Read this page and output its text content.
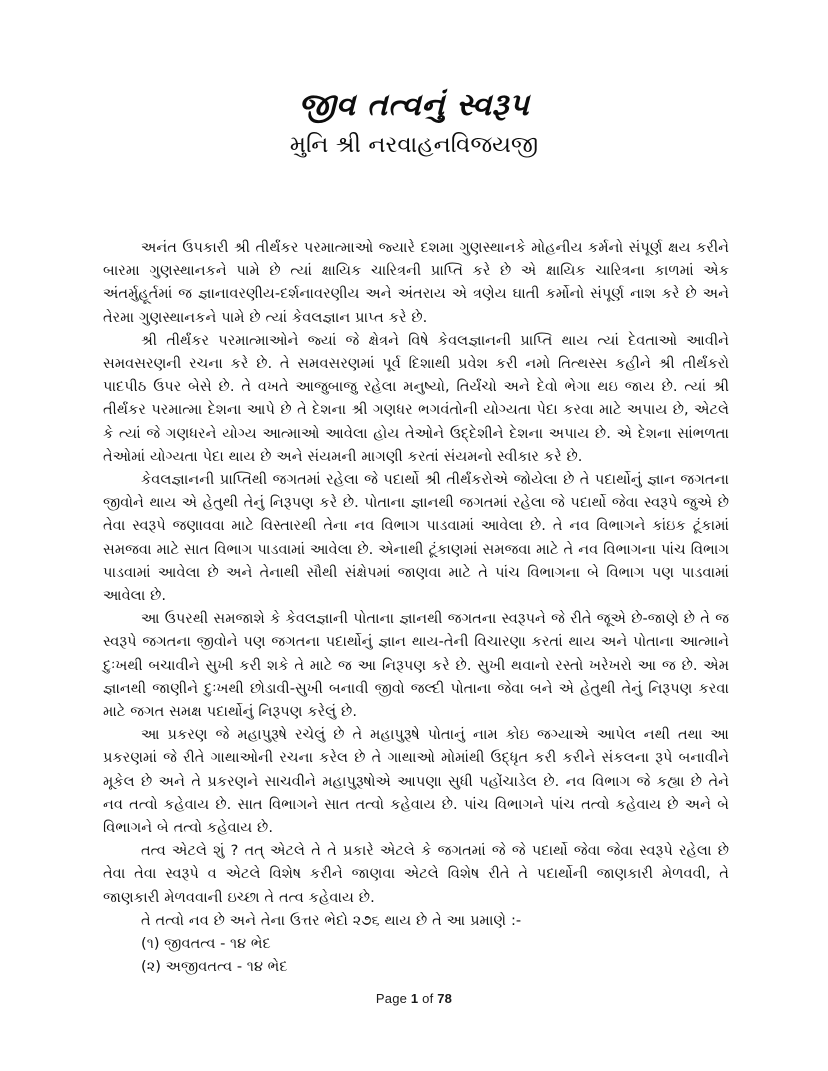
જીવ તત્વનું સ્વરૂપ
મુનિ શ્રી નરવાહનવિજયજી

અનંત ઉપકારી શ્રી તીર્થંકર પરમાત્માઓ જ્યારે દશમા ગુણસ્થાનકે મોહનીય કર્મનો સંપૂર્ણ ક્ષય કરીને બારમા ગુણસ્થાનકને પામે છે ત્યાં ક્ષાયિક ચારિત્રની પ્રાપ્તિ કરે છે એ ક્ષાયિક ચારિત્રના કાળમાં એક અંતર્મુહૂર્તમાં જ જ્ઞાનાવરણીય-દર્શનાવરણીય અને અંતરાય એ ત્રણેય ઘાતી કર્મોનો સંપૂર્ણ નાશ કરે છે અને તેરમા ગુણસ્થાનકને પામે છે ત્યાં કેવલજ્ઞાન પ્રાપ્ત કરે છે.

શ્રી તીર્થંકર પરમાત્માઓને જ્યાં જે ક્ષેત્રને વિષે કેવલજ્ઞાનની પ્રાપ્તિ થાય ત્યાં દેવતાઓ આવીને સમવસરણની રચના કરે છે. તે સમવસરણમાં પૂર્વ દિશાથી પ્રવેશ કરી નમો તિત્થસ્સ કહીને શ્રી તીર્થંકરો પાદપીઠ ઉપર બેસે છે. તે વખતે આજુબાજુ રહેલા મનુષ્યો, તિર્યંચો અને દેવો ભેગા થઇ જાય છે. ત્યાં શ્રી તીર્થંકર પરમાત્મા દેશના આપે છે તે દેશના શ્રી ગણધર ભગવંતોની યોગ્યતા પેદા કરવા માટે અપાય છે, એટલે કે ત્યાં જે ગણધરને યોગ્ય આત્માઓ આવેલા હોય તેઓને ઉદ્દેશીને દેશના અપાય છે. એ દેશના સાંભળતા તેઓમાં યોગ્યતા પેદા થાય છે અને સંયમની માગણી કરતાં સંયમનો સ્વીકાર કરે છે.

કેવલજ્ઞાનની પ્રાપ્તિથી જગતમાં રહેલા જે પદાર્થો શ્રી તીર્થંકરોએ જોયેલા છે તે પદાર્થોનું જ્ઞાન જગતના જીવોને થાય એ હેતુથી તેનું નિરૂપણ કરે છે. પોતાના જ્ઞાનથી જગતમાં રહેલા જે પદાર્થો જેવા સ્વરૂપે જુએ છે તેવા સ્વરૂપે જણાવવા માટે વિસ્તારથી તેના નવ વિભાગ પાડવામાં આવેલા છે. તે નવ વિભાગને કાંઇક ટૂંકામાં સમજવા માટે સાત વિભાગ પાડવામાં આવેલા છે. એનાથી ટૂંકાણમાં સમજવા માટે તે નવ વિભાગના પાંચ વિભાગ પાડવામાં આવેલા છે અને તેનાથી સૌથી સંક્ષેપમાં જાણવા માટે તે પાંચ વિભાગના બે વિભાગ પણ પાડવામાં આવેલા છે.

આ ઉપરથી સમજાશે કે કેવલજ્ઞાની પોતાના જ્ઞાનથી જગતના સ્વરૂપને જે રીતે જૂએ છે-જાણે છે તે જ સ્વરૂપે જગતના જીવોને પણ જગતના પદાર્થોનું જ્ઞાન થાય-તેની વિચારણા કરતાં થાય અને પોતાના આત્માને દુઃખથી બચાવીને સુખી કરી શકે તે માટે જ આ નિરૂપણ કરે છે. સુખી થવાનો રસ્તો ખરેખરો આ જ છે. એમ જ્ઞાનથી જાણીને દુઃખથી છોડાવી-સુખી બનાવી જીવો જલ્દી પોતાના જેવા બને એ હેતુથી તેનું નિરૂપણ કરવા માટે જગત સમક્ષ પદાર્થોનું નિરૂપણ કરેલું છે.

આ પ્રકરણ જે મહાપુરૂષે રચેલું છે તે મહાપુરૂષે પોતાનું નામ કોઇ જગ્યાએ આપેલ નથી તથા આ પ્રકરણમાં જે રીતે ગાથાઓની રચના કરેલ છે તે ગાથાઓ મોમાંથી ઉદ્ધૃત કરી કરીને સંકલના રૂપે બનાવીને મૂકેલ છે અને તે પ્રકરણને સાચવીને મહાપુરૂષોએ આપણા સુધી પહોંચાડેલ છે. નવ વિભાગ જે કહ્યા છે તેને નવ તત્વો કહેવાય છે. સાત વિભાગને સાત તત્વો કહેવાય છે. પાંચ વિભાગને પાંચ તત્વો કહેવાય છે અને બે વિભાગને બે તત્વો કહેવાય છે.

તત્વ એટલે શું ? તત્ એટલે તે તે પ્રકારે એટલે કે જગતમાં જે જે પદાર્થો જેવા જેવા સ્વરૂપે રહેલા છે તેવા તેવા સ્વરૂપે વ એટલે વિશેષ કરીને જાણવા એટલે વિશેષ રીતે તે પદાર્થોની જાણકારી મેળવવી, તે જાણકારી મેળવવાની ઇચ્છા તે તત્વ કહેવાય છે.

તે તત્વો નવ છે અને તેના ઉત્તર ભેદો ૨૭૬ થાય છે તે આ પ્રમાણે :-

(૧) જીવતત્વ - ૧૪ ભેદ
(૨) અજીવતત્વ - ૧૪ ભેદ
Page 1 of 78
